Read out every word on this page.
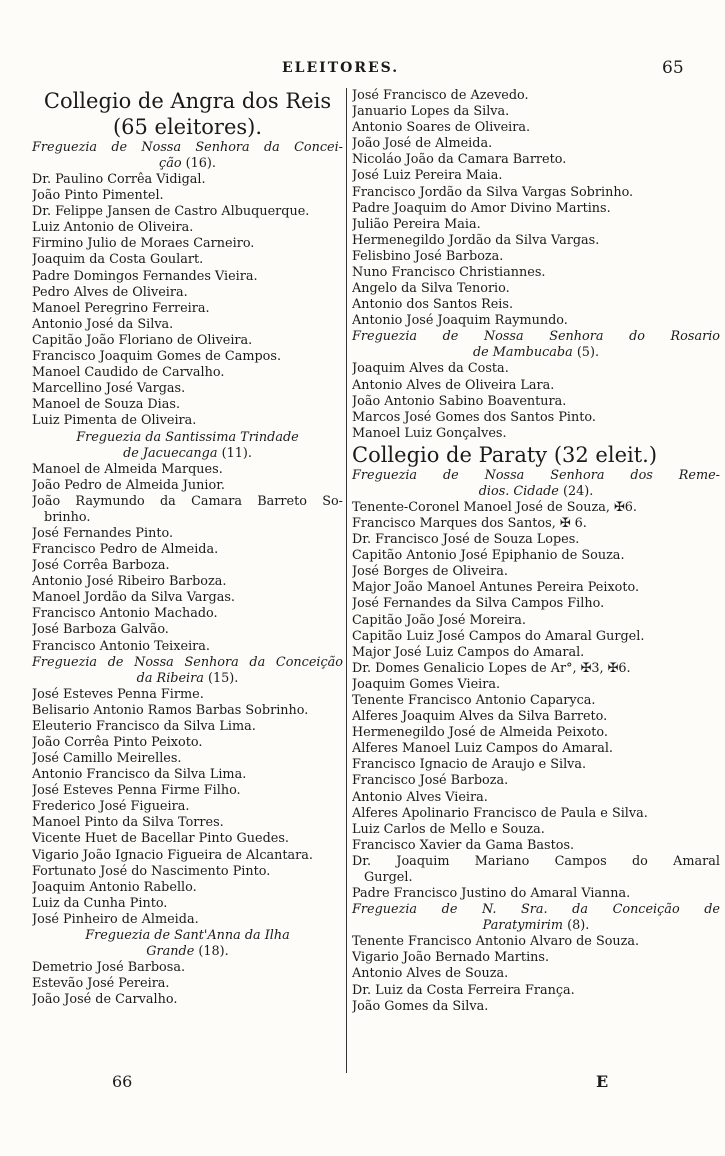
ELEITORES.	65
Collegio de Angra dos Reis
(65 eleitores).
Freguezia de Nossa Senhora da Concei-
ção (16).
Dr. Paulino Corrêa Vidigal.
João Pinto Pimentel.
Dr. Felippe Jansen de Castro Albuquerque.
Luiz Antonio de Oliveira.
Firmino Julio de Moraes Carneiro.
Joaquim da Costa Goulart.
Padre Domingos Fernandes Vieira.
Pedro Alves de Oliveira.
Manoel Peregrino Ferreira.
Antonio José da Silva.
Capitão João Floriano de Oliveira.
Francisco Joaquim Gomes de Campos.
Manoel Caudido de Carvalho.
Marcellino José Vargas.
Manoel de Souza Dias.
Luiz Pimenta de Oliveira.
Freguezia da Santissima Trindade
de Jacuecanga (11).
Manoel de Almeida Marques.
João Pedro de Almeida Junior.
João Raymundo da Camara Barreto So-
brinho.
José Fernandes Pinto.
Francisco Pedro de Almeida.
José Corrêa Barboza.
Antonio José Ribeiro Barboza.
Manoel Jordão da Silva Vargas.
Francisco Antonio Machado.
José Barboza Galvão.
Francisco Antonio Teixeira.
Freguezia de Nossa Senhora da Conceição
da Ribeira (15).
José Esteves Penna Firme.
Belisario Antonio Ramos Barbas Sobrinho.
Eleuterio Francisco da Silva Lima.
João Corrêa Pinto Peixoto.
José Camillo Meirelles.
Antonio Francisco da Silva Lima.
José Esteves Penna Firme Filho.
Frederico José Figueira.
Manoel Pinto da Silva Torres.
Vicente Huet de Bacellar Pinto Guedes.
Vigario João Ignacio Figueira de Alcantara.
Fortunato José do Nascimento Pinto.
Joaquim Antonio Rabello.
Luiz da Cunha Pinto.
José Pinheiro de Almeida.
Freguezia de Sant'Anna da Ilha
Grande (18).
Demetrio José Barbosa.
Estevão José Pereira.
João José de Carvalho.
José Francisco de Azevedo.
Januario Lopes da Silva.
Antonio Soares de Oliveira.
João José de Almeida.
Nicoláo João da Camara Barreto.
José Luiz Pereira Maia.
Francisco Jordão da Silva Vargas Sobrinho.
Padre Joaquim do Amor Divino Martins.
Julião Pereira Maia.
Hermenegildo Jordão da Silva Vargas.
Felisbino José Barboza.
Nuno Francisco Christiannes.
Angelo da Silva Tenorio.
Antonio dos Santos Reis.
Antonio José Joaquim Raymundo.
Freguezia de Nossa Senhora do Rosario
de Mambucaba (5).
Joaquim Alves da Costa.
Antonio Alves de Oliveira Lara.
João Antonio Sabino Boaventura.
Marcos José Gomes dos Santos Pinto.
Manoel Luiz Gonçalves.
Collegio de Paraty (32 eleit.)
Freguezia de Nossa Senhora dos Reme-
dios. Cidade (24).
Tenente-Coronel Manoel José de Souza, ✠6.
Francisco Marques dos Santos, ✠ 6.
Dr. Francisco José de Souza Lopes.
Capitão Antonio José Epiphanio de Souza.
José Borges de Oliveira.
Major João Manoel Antunes Pereira Peixoto.
José Fernandes da Silva Campos Filho.
Capitão João José Moreira.
Capitão Luiz José Campos do Amaral Gurgel.
Major José Luiz Campos do Amaral.
Dr. Domes Genalicio Lopes de Ar°, ✠3, ✠6.
Joaquim Gomes Vieira.
Tenente Francisco Antonio Caparyca.
Alferes Joaquim Alves da Silva Barreto.
Hermenegildo José de Almeida Peixoto.
Alferes Manoel Luiz Campos do Amaral.
Francisco Ignacio de Araujo e Silva.
Francisco José Barboza.
Antonio Alves Vieira.
Alferes Apolinario Francisco de Paula e Silva.
Luiz Carlos de Mello e Souza.
Francisco Xavier da Gama Bastos.
Dr. Joaquim Mariano Campos do Amaral
Gurgel.
Padre Francisco Justino do Amaral Vianna.
Freguezia de N. Sra. da Conceição de
Paratymirim (8).
Tenente Francisco Antonio Alvaro de Souza.
Vigario João Bernado Martins.
Antonio Alves de Souza.
Dr. Luiz da Costa Ferreira França.
João Gomes da Silva.
66	E
